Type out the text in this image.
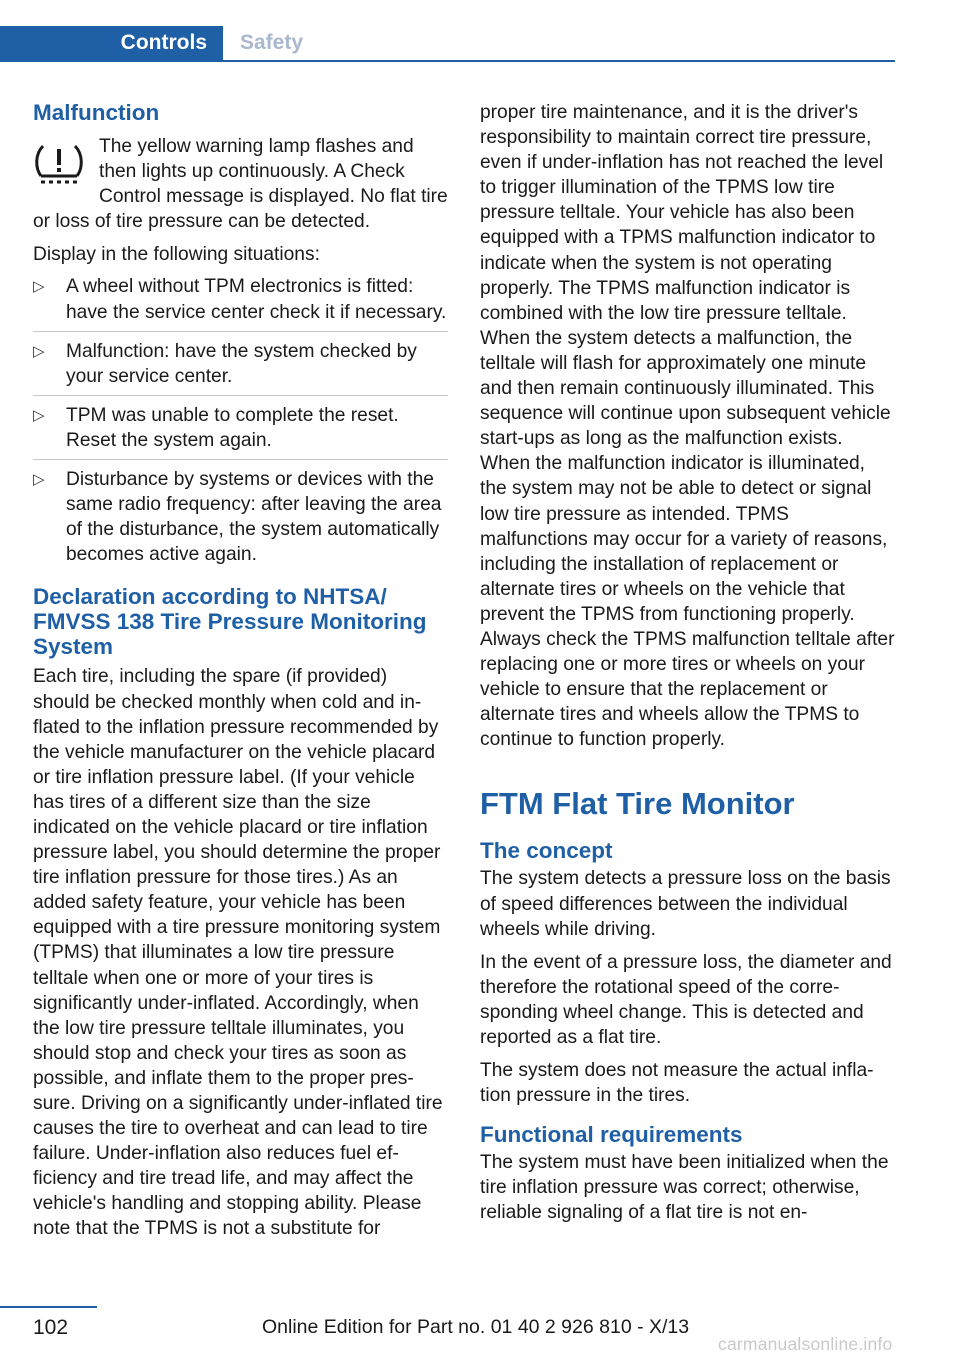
Controls	Safety
Malfunction

The yellow warning lamp flashes and then lights up continuously. A Check Control message is displayed. No flat tire or loss of tire pressure can be detected.

Display in the following situations:

▷ A wheel without TPM electronics is fitted: have the service center check it if necessary.
▷ Malfunction: have the system checked by your service center.
▷ TPM was unable to complete the reset. Reset the system again.
▷ Disturbance by systems or devices with the same radio frequency: after leaving the area of the disturbance, the system automatically becomes active again.
Declaration according to NHTSA/ FMVSS 138 Tire Pressure Monitoring System

Each tire, including the spare (if provided) should be checked monthly when cold and inflated to the inflation pressure recommended by the vehicle manufacturer on the vehicle placard or tire inflation pressure label. (If your vehicle has tires of a different size than the size indicated on the vehicle placard or tire inflation pressure label, you should determine the proper tire inflation pressure for those tires.) As an added safety feature, your vehicle has been equipped with a tire pressure monitoring system (TPMS) that illuminates a low tire pressure telltale when one or more of your tires is significantly under-inflated. Accordingly, when the low tire pressure telltale illuminates, you should stop and check your tires as soon as possible, and inflate them to the proper pressure. Driving on a significantly under-inflated tire causes the tire to overheat and can lead to tire failure. Under-inflation also reduces fuel efficiency and tire tread life, and may affect the vehicle's handling and stopping ability. Please note that the TPMS is not a substitute for

proper tire maintenance, and it is the driver's responsibility to maintain correct tire pressure, even if under-inflation has not reached the level to trigger illumination of the TPMS low tire pressure telltale. Your vehicle has also been equipped with a TPMS malfunction indicator to indicate when the system is not operating properly. The TPMS malfunction indicator is combined with the low tire pressure telltale. When the system detects a malfunction, the telltale will flash for approximately one minute and then remain continuously illuminated. This sequence will continue upon subsequent vehicle start-ups as long as the malfunction exists. When the malfunction indicator is illuminated, the system may not be able to detect or signal low tire pressure as intended. TPMS malfunctions may occur for a variety of reasons, including the installation of replacement or alternate tires or wheels on the vehicle that prevent the TPMS from functioning properly. Always check the TPMS malfunction telltale after replacing one or more tires or wheels on your vehicle to ensure that the replacement or alternate tires and wheels allow the TPMS to continue to function properly.

FTM Flat Tire Monitor
The concept

The system detects a pressure loss on the basis of speed differences between the individual wheels while driving.

In the event of a pressure loss, the diameter and therefore the rotational speed of the corresponding wheel change. This is detected and reported as a flat tire.

The system does not measure the actual inflation pressure in the tires.

Functional requirements

The system must have been initialized when the tire inflation pressure was correct; otherwise, reliable signaling of a flat tire is not en-

102	Online Edition for Part no. 01 40 2 926 810 - X/13
carmanualsonline.info
